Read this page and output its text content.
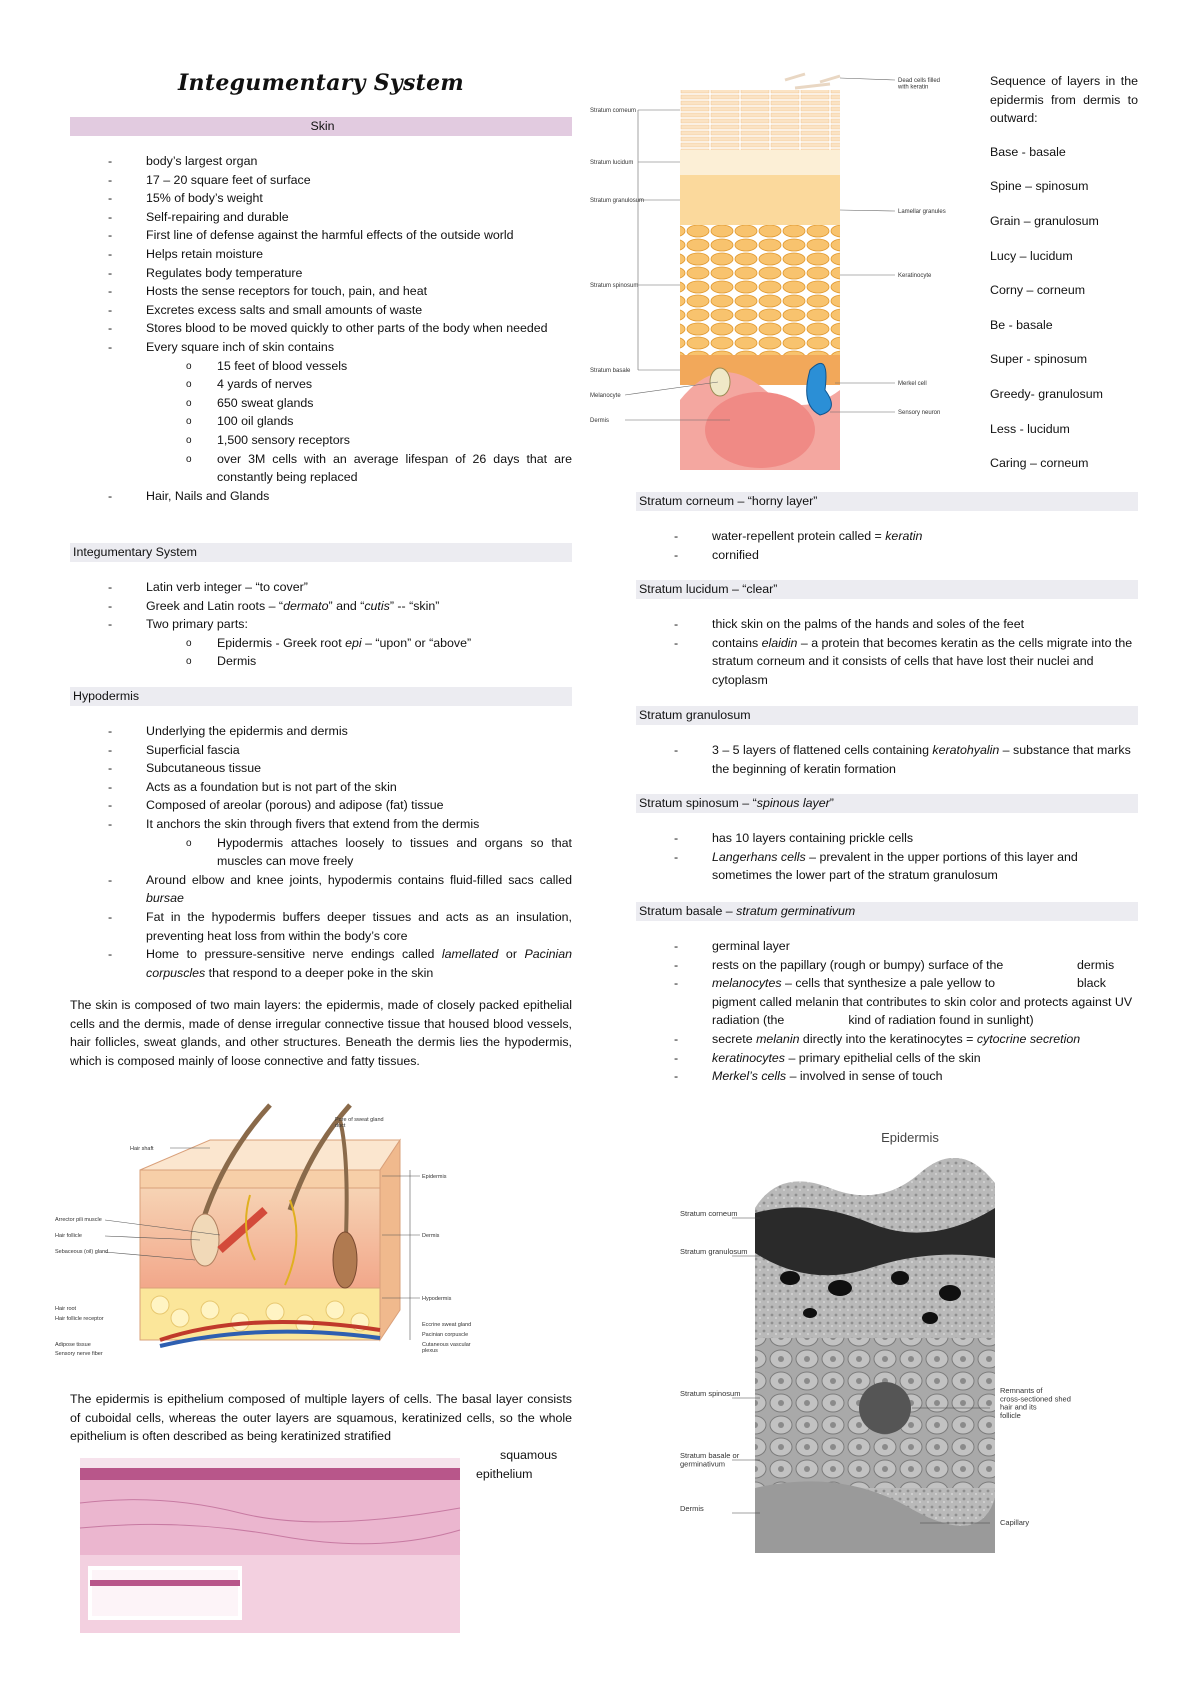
Integumentary System
Skin
- body’s largest organ
- 17 – 20 square feet of surface
- 15% of body’s weight
- Self-repairing and durable
- First line of defense against the harmful effects of the outside world
- Helps retain moisture
- Regulates body temperature
- Hosts the sense receptors for touch, pain, and heat
- Excretes excess salts and small amounts of waste
- Stores blood to be moved quickly to other parts of the body when needed
- Every square inch of skin contains
o 15 feet of blood vessels
o 4 yards of nerves
o 650 sweat glands
o 100 oil glands
o 1,500 sensory receptors
o over 3M cells with an average lifespan of 26 days that are constantly being replaced
- Hair, Nails and Glands
Integumentary System
- Latin verb integer – “to cover”
- Greek and Latin roots – “dermato” and “cutis” -- “skin”
- Two primary parts:
o Epidermis - Greek root epi – “upon” or “above”
o Dermis
Hypodermis
- Underlying the epidermis and dermis
- Superficial fascia
- Subcutaneous tissue
- Acts as a foundation but is not part of the skin
- Composed of areolar (porous) and adipose (fat) tissue
- It anchors the skin through fivers that extend from the dermis
o Hypodermis attaches loosely to tissues and organs so that muscles can move freely
- Around elbow and knee joints, hypodermis contains fluid-filled sacs called bursae
- Fat in the hypodermis buffers deeper tissues and acts as an insulation, preventing heat loss from within the body’s core
- Home to pressure-sensitive nerve endings called lamellated or Pacinian corpuscles that respond to a deeper poke in the skin
The skin is composed of two main layers: the epidermis, made of closely packed epithelial cells and the dermis, made of dense irregular connective tissue that housed blood vessels, hair follicles, sweat glands, and other structures. Beneath the dermis lies the hypodermis, which is composed mainly of loose connective and fatty tissues.
Hair shaft
Arrector pili muscle
Hair follicle
Sebaceous (oil) gland
Hair root
Hair follicle receptor
Adipose tissue
Sensory nerve fiber
Pore of sweat gland duct
Epidermis
Dermis
Hypodermis
Eccrine sweat gland
Pacinian corpuscle
Cutaneous vascular plexus
The epidermis is epithelium composed of multiple layers of cells. The basal layer consists of cuboidal cells, whereas the outer layers are squamous, keratinized cells, so the whole epithelium is often described as being keratinized stratified
squamous
epithelium
Stratum corneum
Stratum lucidum
Stratum granulosum
Stratum spinosum
Stratum basale
Melanocyte
Dermis
Dead cells filled with keratin
Lamellar granules
Keratinocyte
Merkel cell
Sensory neuron
Sequence of layers in the epidermis from dermis to outward:
Base - basale
Spine – spinosum
Grain – granulosum
Lucy – lucidum
Corny – corneum
Be - basale
Super - spinosum
Greedy- granulosum
Less - lucidum
Caring – corneum
Stratum corneum – “horny layer”
- water-repellent protein called = keratin
- cornified
Stratum lucidum – “clear”
- thick skin on the palms of the hands and soles of the feet
- contains elaidin – a protein that becomes keratin as the cells migrate into the stratum corneum and it consists of cells that have lost their nuclei and cytoplasm
Stratum granulosum
- 3 – 5 layers of flattened cells containing keratohyalin – substance that marks the beginning of keratin formation
Stratum spinosum – “spinous layer”
- has 10 layers containing prickle cells
- Langerhans cells – prevalent in the upper portions of this layer and sometimes the lower part of the stratum granulosum
Stratum basale – stratum germinativum
- germinal layer
- rests on the papillary (rough or bumpy) surface of the	dermis
- melanocytes – cells that synthesize a pale yellow to	black

pigment called melanin that contributes to skin color and protects against UV radiation (the	kind of radiation found in sunlight)
- secrete melanin directly into the keratinocytes = cytocrine secretion
- keratinocytes – primary epithelial cells of the skin
- Merkel’s cells – involved in sense of touch
Epidermis
Stratum corneum
Stratum granulosum
Stratum spinosum
Stratum basale or germinativum
Dermis
Remnants of cross-sectioned shed hair and its follicle
Capillary
